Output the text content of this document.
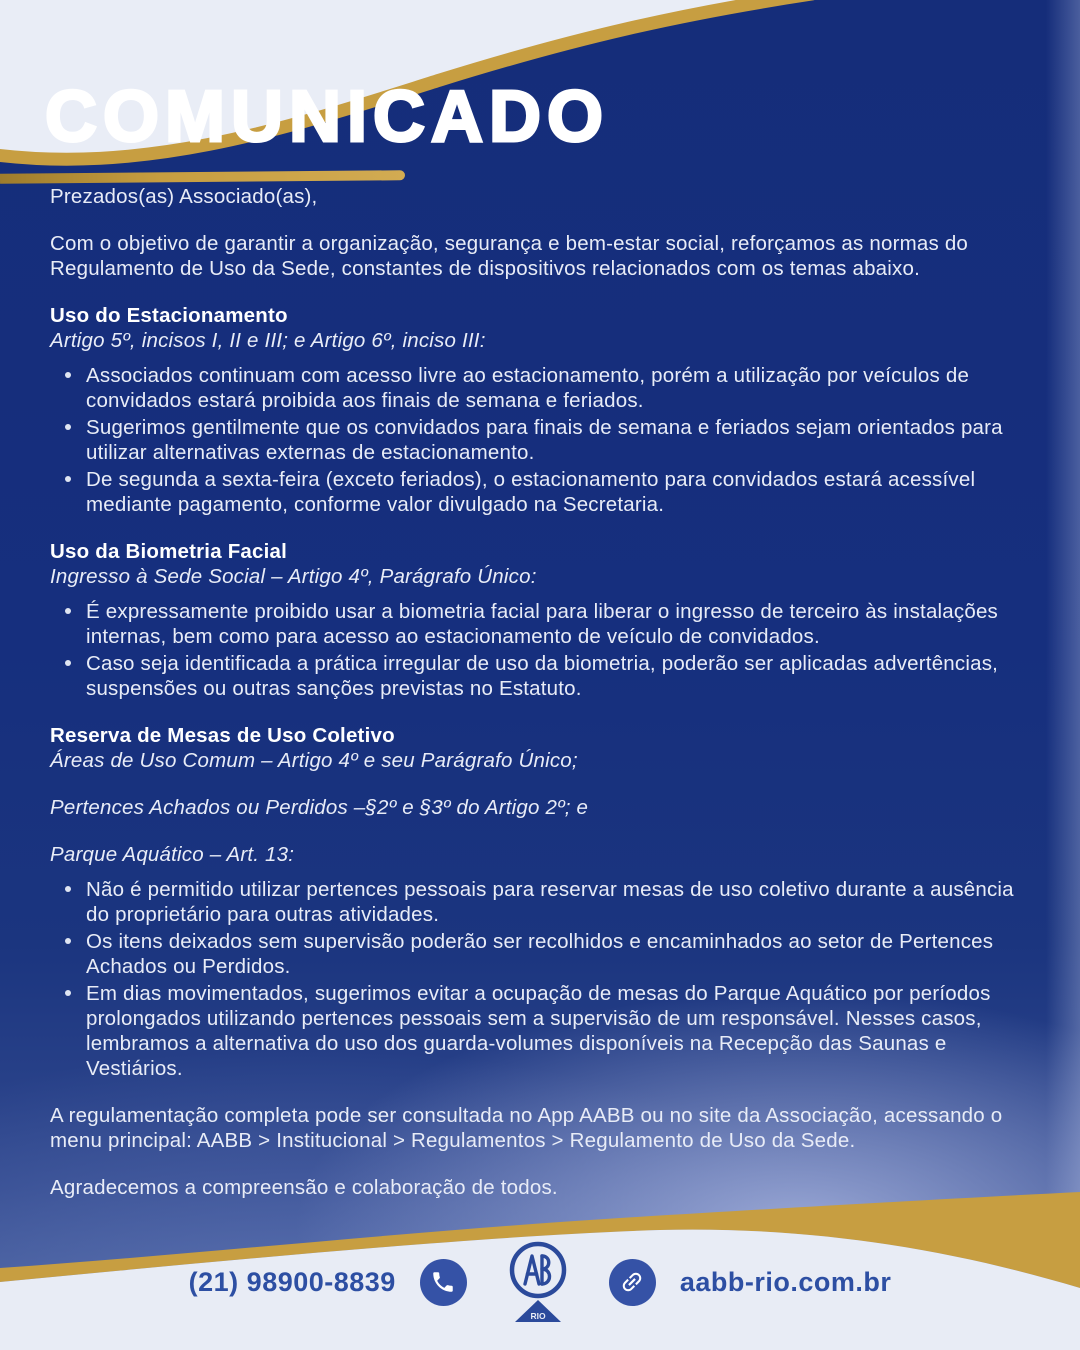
COMUNICADO

Prezados(as) Associado(as),

Com o objetivo de garantir a organização, segurança e bem-estar social, reforçamos as normas do Regulamento de Uso da Sede, constantes de dispositivos relacionados com os temas abaixo.

Uso do Estacionamento

Artigo 5º, incisos I, II e III; e Artigo 6º, inciso III:

Associados continuam com acesso livre ao estacionamento, porém a utilização por veículos de convidados estará proibida aos finais de semana e feriados.
Sugerimos gentilmente que os convidados para finais de semana e feriados sejam orientados para utilizar alternativas externas de estacionamento.
De segunda a sexta-feira (exceto feriados), o estacionamento para convidados estará acessível mediante pagamento, conforme valor divulgado na Secretaria.
Uso da Biometria Facial

Ingresso à Sede Social – Artigo 4º, Parágrafo Único:

É expressamente proibido usar a biometria facial para liberar o ingresso de terceiro às instalações internas, bem como para acesso ao estacionamento de veículo de convidados.
Caso seja identificada a prática irregular de uso da biometria, poderão ser aplicadas advertências, suspensões ou outras sanções previstas no Estatuto.
Reserva de Mesas de Uso Coletivo

Áreas de Uso Comum – Artigo 4º e seu Parágrafo Único;

Pertences Achados ou Perdidos –§2º e §3º do Artigo 2º; e

Parque Aquático – Art. 13:

Não é permitido utilizar pertences pessoais para reservar mesas de uso coletivo durante a ausência do proprietário para outras atividades.
Os itens deixados sem supervisão poderão ser recolhidos e encaminhados ao setor de Pertences Achados ou Perdidos.
Em dias movimentados, sugerimos evitar a ocupação de mesas do Parque Aquático por períodos prolongados utilizando pertences pessoais sem a supervisão de um responsável. Nesses casos, lembramos a alternativa do uso dos guarda-volumes disponíveis na Recepção das Saunas e Vestiários.

A regulamentação completa pode ser consultada no App AABB ou no site da Associação, acessando o menu principal: AABB > Institucional > Regulamentos > Regulamento de Uso da Sede.

Agradecemos a compreensão e colaboração de todos.

(21) 98900-8839
RIO
aabb-rio.com.br
